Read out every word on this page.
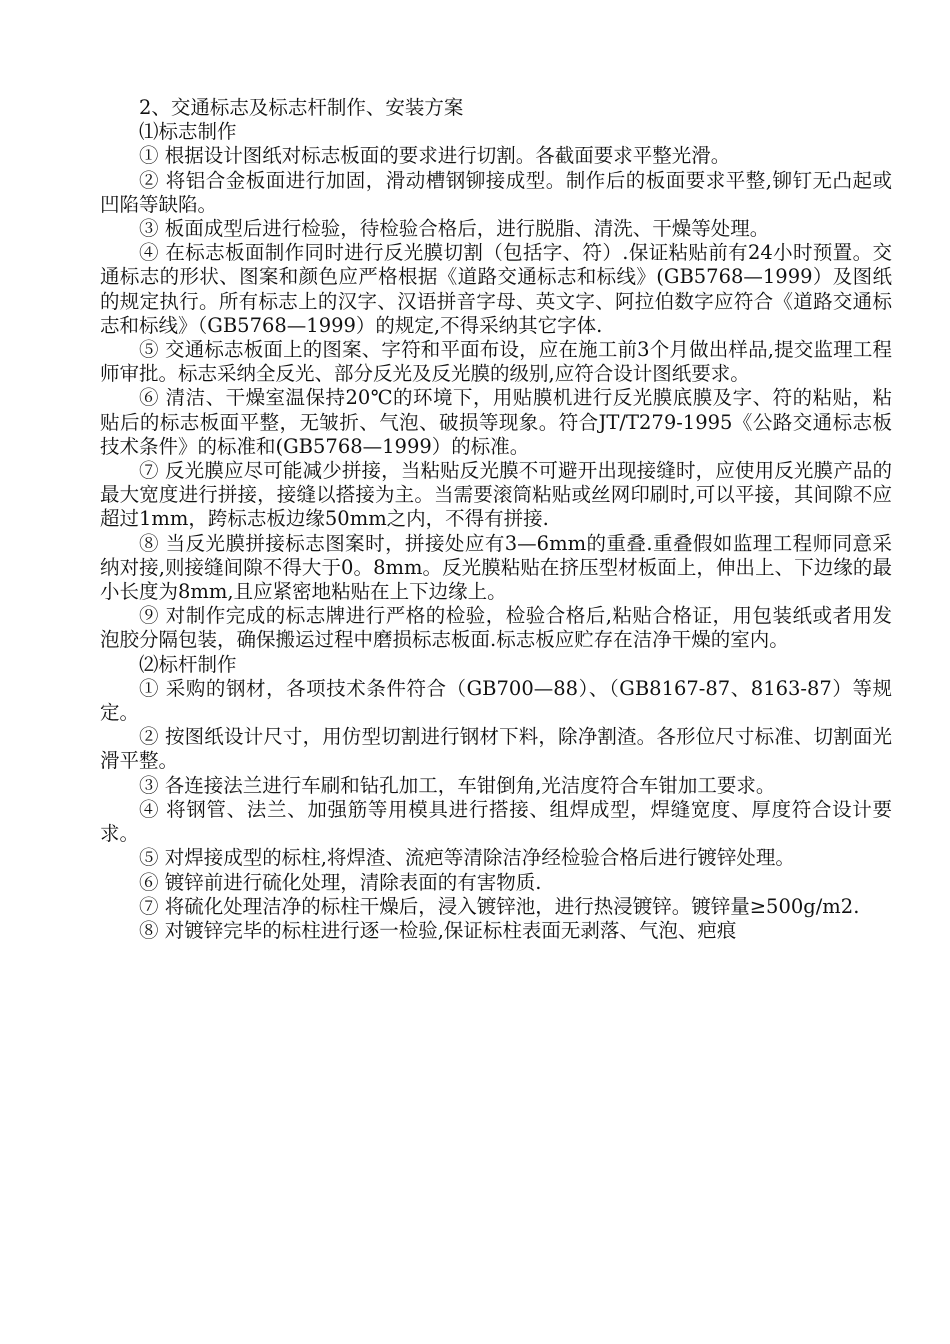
2、交通标志及标志杆制作、安装方案

⑴标志制作

① 根据设计图纸对标志板面的要求进行切割。各截面要求平整光滑。

② 将铝合金板面进行加固，滑动槽钢铆接成型。制作后的板面要求平整,铆钉无凸起或凹陷等缺陷。

③ 板面成型后进行检验，待检验合格后，进行脱脂、清洗、干燥等处理。

④ 在标志板面制作同时进行反光膜切割（包括字、符）.保证粘贴前有24小时预置。交通标志的形状、图案和颜色应严格根据《道路交通标志和标线》(GB5768—1999）及图纸的规定执行。所有标志上的汉字、汉语拼音字母、英文字、阿拉伯数字应符合《道路交通标志和标线》（GB5768—1999）的规定,不得采纳其它字体.

⑤ 交通标志板面上的图案、字符和平面布设，应在施工前3个月做出样品,提交监理工程师审批。标志采纳全反光、部分反光及反光膜的级别,应符合设计图纸要求。

⑥ 清洁、干燥室温保持20℃的环境下，用贴膜机进行反光膜底膜及字、符的粘贴，粘贴后的标志板面平整，无皱折、气泡、破损等现象。符合JT/T279-1995《公路交通标志板技术条件》的标准和(GB5768—1999）的标准。

⑦ 反光膜应尽可能减少拼接，当粘贴反光膜不可避开出现接缝时，应使用反光膜产品的最大宽度进行拼接，接缝以搭接为主。当需要滚筒粘贴或丝网印刷时,可以平接，其间隙不应超过1mm，跨标志板边缘50mm之内，不得有拼接.

⑧ 当反光膜拼接标志图案时，拼接处应有3—6mm的重叠.重叠假如监理工程师同意采纳对接,则接缝间隙不得大于0。8mm。反光膜粘贴在挤压型材板面上，伸出上、下边缘的最小长度为8mm,且应紧密地粘贴在上下边缘上。

⑨ 对制作完成的标志牌进行严格的检验，检验合格后,粘贴合格证，用包装纸或者用发泡胶分隔包装，确保搬运过程中磨损标志板面.标志板应贮存在洁净干燥的室内。

⑵标杆制作

① 采购的钢材，各项技术条件符合（GB700—88）、（GB8167-87、8163-87）等规定。

② 按图纸设计尺寸，用仿型切割进行钢材下料，除净割渣。各形位尺寸标准、切割面光滑平整。

③ 各连接法兰进行车刷和钻孔加工，车钳倒角,光洁度符合车钳加工要求。

④ 将钢管、法兰、加强筋等用模具进行搭接、组焊成型，焊缝宽度、厚度符合设计要求。

⑤ 对焊接成型的标柱,将焊渣、流疤等清除洁净经检验合格后进行镀锌处理。

⑥ 镀锌前进行硫化处理，清除表面的有害物质.

⑦ 将硫化处理洁净的标柱干燥后，浸入镀锌池，进行热浸镀锌。镀锌量≥500g/m2.

⑧ 对镀锌完毕的标柱进行逐一检验,保证标柱表面无剥落、气泡、疤痕
